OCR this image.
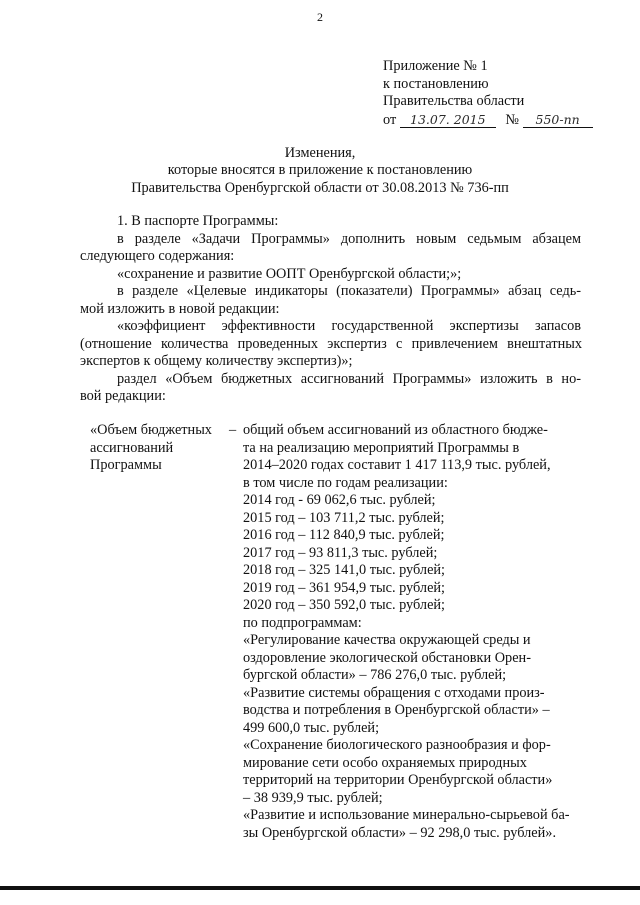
2
Приложение № 1
к постановлению
Правительства области
от 13.07. 2015 № 550-пп
Изменения,
которые вносятся в приложение к постановлению
Правительства Оренбургской области от 30.08.2013 № 736-пп
1. В паспорте Программы:
в разделе «Задачи Программы» дополнить новым седьмым абзацем
следующего содержания:
«сохранение и развитие ООПТ Оренбургской области;»;
в разделе «Целевые индикаторы (показатели) Программы» абзац седь-
мой изложить в новой редакции:
«коэффициент эффективности государственной экспертизы запасов
(отношение количества проведенных экспертиз с привлечением внештатных
экспертов к общему количеству экспертиз)»;
раздел «Объем бюджетных ассигнований Программы» изложить в но-
вой редакции:
«Объем бюджетных
ассигнований
Программы
– общий объем ассигнований из областного бюдже-
та на реализацию мероприятий Программы в
2014–2020 годах составит 1 417 113,9 тыс. рублей,
в том числе по годам реализации:
2014 год - 69 062,6 тыс. рублей;
2015 год – 103 711,2 тыс. рублей;
2016 год – 112 840,9 тыс. рублей;
2017 год – 93 811,3 тыс. рублей;
2018 год – 325 141,0 тыс. рублей;
2019 год – 361 954,9 тыс. рублей;
2020 год – 350 592,0 тыс. рублей;
по подпрограммам:
«Регулирование качества окружающей среды и
оздоровление экологической обстановки Орен-
бургской области» – 786 276,0 тыс. рублей;
«Развитие системы обращения с отходами произ-
водства и потребления в Оренбургской области» –
499 600,0 тыс. рублей;
«Сохранение биологического разнообразия и фор-
мирование сети особо охраняемых природных
территорий на территории Оренбургской области»
– 38 939,9 тыс. рублей;
«Развитие и использование минерально-сырьевой ба-
зы Оренбургской области» – 92 298,0 тыс. рублей».
